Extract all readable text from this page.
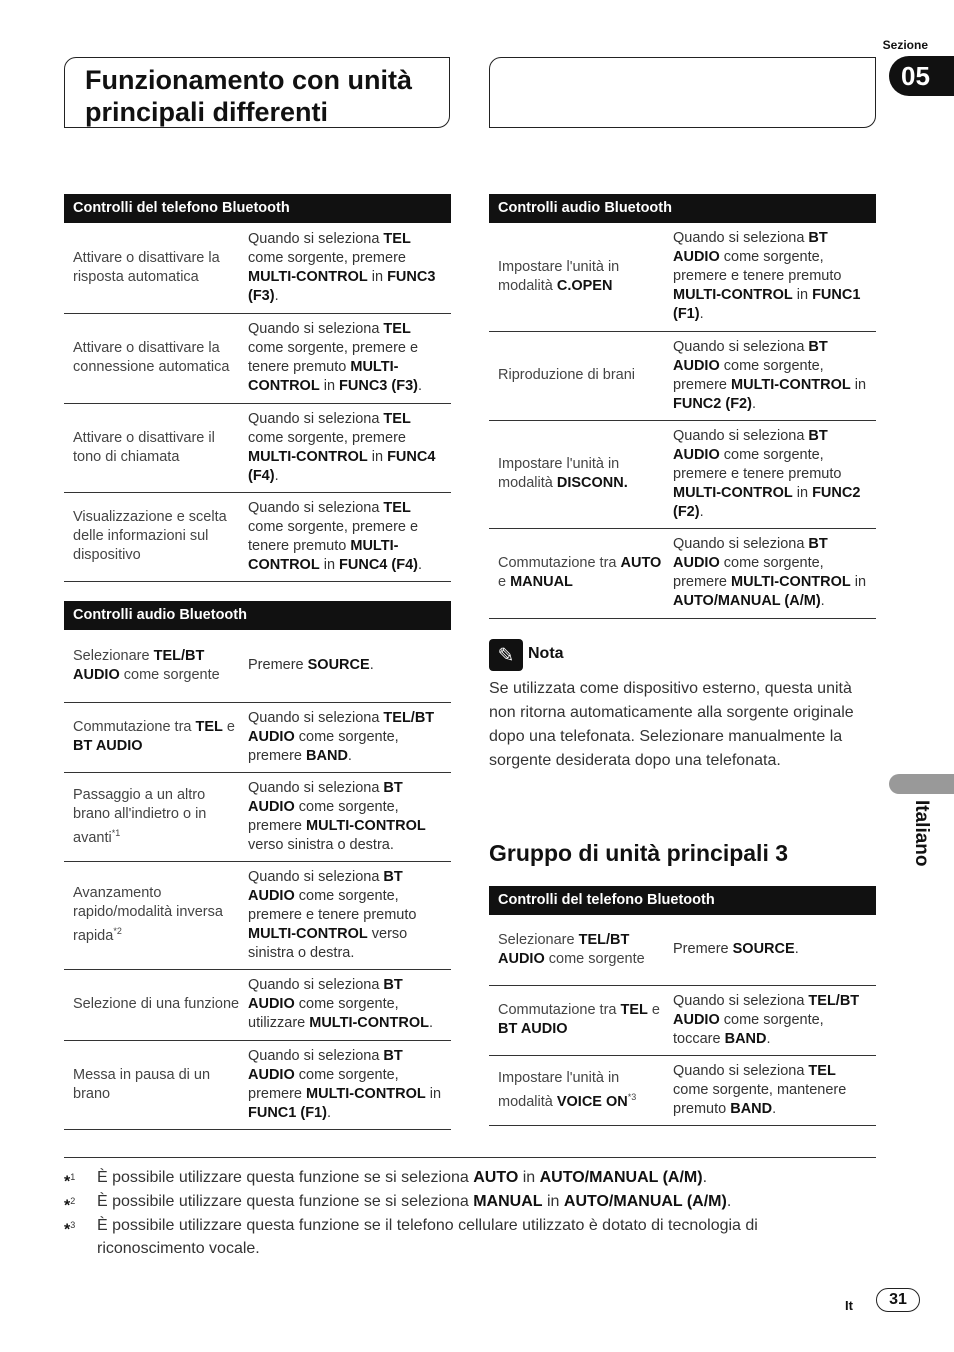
Sezione
05
Funzionamento con unità
principali differenti
Controlli del telefono Bluetooth	
Attivare o disattivare la risposta automatica	Quando si seleziona TEL come sorgente, premere MULTI-CONTROL in FUNC3 (F3).
Attivare o disattivare la connessione automatica	Quando si seleziona TEL come sorgente, premere e tenere premuto MULTI-CONTROL in FUNC3 (F3).
Attivare o disattivare il tono di chiamata	Quando si seleziona TEL come sorgente, premere MULTI-CONTROL in FUNC4 (F4).
Visualizzazione e scelta delle informazioni sul dispositivo	Quando si seleziona TEL come sorgente, premere e tenere premuto MULTI-CONTROL in FUNC4 (F4).
Controlli audio Bluetooth	
Selezionare TEL/BT AUDIO come sorgente	Premere SOURCE.
Commutazione tra TEL e BT AUDIO	Quando si seleziona TEL/BT AUDIO come sorgente, premere BAND.
Passaggio a un altro brano all'indietro o in avanti$^{*1}$	Quando si seleziona BT AUDIO come sorgente, premere MULTI-CONTROL verso sinistra o destra.
Avanzamento rapido/modalità inversa rapida$^{*2}$	Quando si seleziona BT AUDIO come sorgente, premere e tenere premuto MULTI-CONTROL verso sinistra o destra.
Selezione di una funzione	Quando si seleziona BT AUDIO come sorgente, utilizzare MULTI-CONTROL.
Messa in pausa di un brano	Quando si seleziona BT AUDIO come sorgente, premere MULTI-CONTROL in FUNC1 (F1).
Controlli audio Bluetooth	
Impostare l'unità in modalità C.OPEN	Quando si seleziona BT AUDIO come sorgente, premere e tenere premuto MULTI-CONTROL in FUNC1 (F1).
Riproduzione di brani	Quando si seleziona BT AUDIO come sorgente, premere MULTI-CONTROL in FUNC2 (F2).
Impostare l'unità in modalità DISCONN.	Quando si seleziona BT AUDIO come sorgente, premere e tenere premuto MULTI-CONTROL in FUNC2 (F2).
Commutazione tra AUTO e MANUAL	Quando si seleziona BT AUDIO come sorgente, premere MULTI-CONTROL in AUTO/MANUAL (A/M).
✎ Nota
Se utilizzata come dispositivo esterno, questa unità non ritorna automaticamente alla sorgente originale dopo una telefonata. Selezionare manualmente la sorgente desiderata dopo una telefonata.
Gruppo di unità principali 3
Controlli del telefono Bluetooth	
Selezionare TEL/BT AUDIO come sorgente	Premere SOURCE.
Commutazione tra TEL e BT AUDIO	Quando si seleziona TEL/BT AUDIO come sorgente, toccare BAND.
Impostare l'unità in modalità VOICE ON$^{*3}$	Quando si seleziona TEL come sorgente, mantenere premuto BAND.
Italiano
*$^1$	È possibile utilizzare questa funzione se si seleziona AUTO in AUTO/MANUAL (A/M).
*$^2$	È possibile utilizzare questa funzione se si seleziona MANUAL in AUTO/MANUAL (A/M).
*$^3$	È possibile utilizzare questa funzione se il telefono cellulare utilizzato è dotato di tecnologia di riconoscimento vocale.
It	31
